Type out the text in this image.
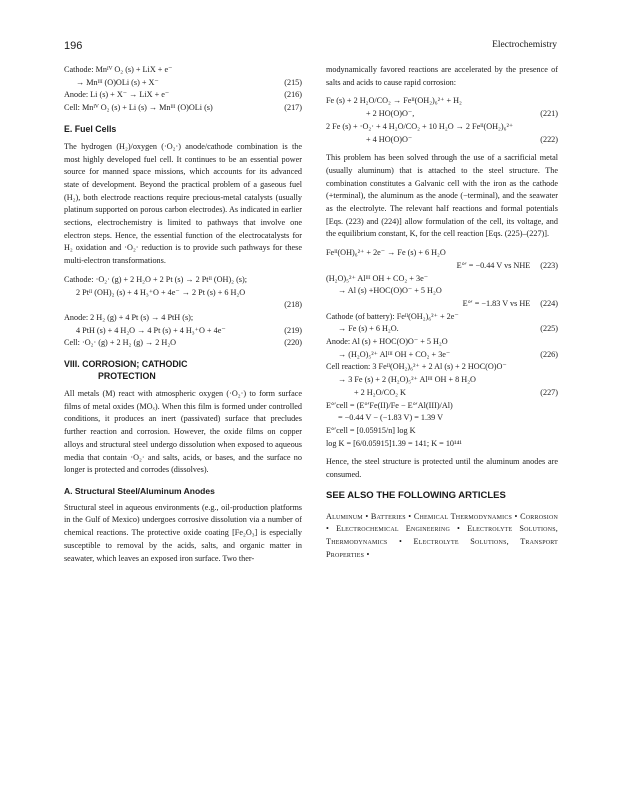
196	Electrochemistry
Cathode: Mnᴵⱽ O₂ (s) + LiX + e⁻
→ Mnᴵᴵᴵ (O)OLi (s) + X⁻	(215)
Anode: Li (s) + X⁻ → LiX + e⁻	(216)
Cell: Mnᴵⱽ O₂ (s) + Li (s) → Mnᴵᴵᴵ (O)OLi (s)	(217)
E. Fuel Cells

The hydrogen (H₂)/oxygen (·O₂·) anode/cathode combination is the most highly developed fuel cell. It continues to be an essential power source for manned space missions, which accounts for its advanced state of development. Beyond the practical problem of a gaseous fuel (H₂), both electrode reactions require precious-metal catalysts (usually platinum supported on porous carbon electrodes). As indicated in earlier sections, electrochemistry is limited to pathways that involve one electron steps. Hence, the essential function of the electrocatalysts for H₂ oxidation and ·O₂· reduction is to provide such pathways for these multi-electron transformations.

Cathode: ·O₂· (g) + 2 H₂O + 2 Pt (s) → 2 Ptᴵᴵ (OH)₂ (s);
2 Ptᴵᴵ (OH)₂ (s) + 4 H₃⁺O + 4e⁻ → 2 Pt (s) + 6 H₂O
(218)
Anode: 2 H₂ (g) + 4 Pt (s) → 4 PtH (s);
4 PtH (s) + 4 H₂O → 4 Pt (s) + 4 H₃⁺O + 4e⁻	(219)
Cell: ·O₂· (g) + 2 H₂ (g) → 2 H₂O	(220)
VIII. CORROSION; CATHODIC
PROTECTION

All metals (M) react with atmospheric oxygen (·O₂·) to form surface films of metal oxides (MOₓ). When this film is formed under controlled conditions, it produces an inert (passivated) surface that precludes further reaction and corrosion. However, the oxide films on copper alloys and structural steel undergo dissolution when exposed to aqueous media that contain ·O₂· and salts, acids, or bases, and the surface no longer is protected and corrodes (dissolves).

A. Structural Steel/Aluminum Anodes

Structural steel in aqueous environments (e.g., oil-production platforms in the Gulf of Mexico) undergoes corrosive dissolution via a number of chemical reactions. The protective oxide coating [Fe₂O₃] is especially susceptible to removal by the acids, salts, and organic matter in seawater, which leaves an exposed iron surface. Two ther-

modynamically favored reactions are accelerated by the presence of salts and acids to cause rapid corrosion:

Fe (s) + 2 H₂O/CO₂ → Feᴵᴵ(OH₂)₆²⁺ + H₂
+ 2 HO(O)O⁻,	(221)
2 Fe (s) + ·O₂· + 4 H₂O/CO₂ + 10 H₂O → 2 Feᴵᴵ(OH₂)₆²⁺
+ 4 HO(O)O⁻	(222)

This problem has been solved through the use of a sacrificial metal (usually aluminum) that is attached to the steel structure. The combination constitutes a Galvanic cell with the iron as the cathode (+terminal), the aluminum as the anode (−terminal), and the seawater as the electrolyte. The relevant half reactions and formal potentials [Eqs. (223) and (224)] allow formulation of the cell, its voltage, and the equilibrium constant, K, for the cell reaction [Eqs. (225)–(227)].

Feᴵᴵ(OH)₆²⁺ + 2e⁻ → Fe (s) + 6 H₂O
E°′ = −0.44 V vs NHE	(223)
(H₂O)₅²⁺ Alᴵᴵᴵ OH + CO₂ + 3e⁻
→ Al (s) +HOC(O)O⁻ + 5 H₂O
E°′ = −1.83 V vs HE	(224)
Cathode (of battery): Feᴵᴵ(OH₂)₆²⁺ + 2e⁻
→ Fe (s) + 6 H₂O.	(225)
Anode: Al (s) + HOC(O)O⁻ + 5 H₂O
→ (H₂O)₅²⁺ Alᴵᴵᴵ OH + CO₂ + 3e⁻	(226)
Cell reaction: 3 Feᴵᴵ(OH₂)₆²⁺ + 2 Al (s) + 2 HOC(O)O⁻
→ 3 Fe (s) + 2 (H₂O)₅²⁺ Alᴵᴵᴵ OH + 8 H₂O
+ 2 H₂O/CO₂ K	(227)
E°′cell = (E°′Fe(II)/Fe − E°′Al(III)/Al)
= −0.44 V − (−1.83 V) = 1.39 V
E°′cell = [0.05915/n] log K
log K = [6/0.05915]1.39 = 141; K = 10¹⁴¹

Hence, the steel structure is protected until the aluminum anodes are consumed.

SEE ALSO THE FOLLOWING ARTICLES
Aluminum • Batteries • Chemical Thermodynamics • Corrosion • Electrochemical Engineering • Electrolyte Solutions, Thermodynamics • Electrolyte Solutions, Transport Properties •
